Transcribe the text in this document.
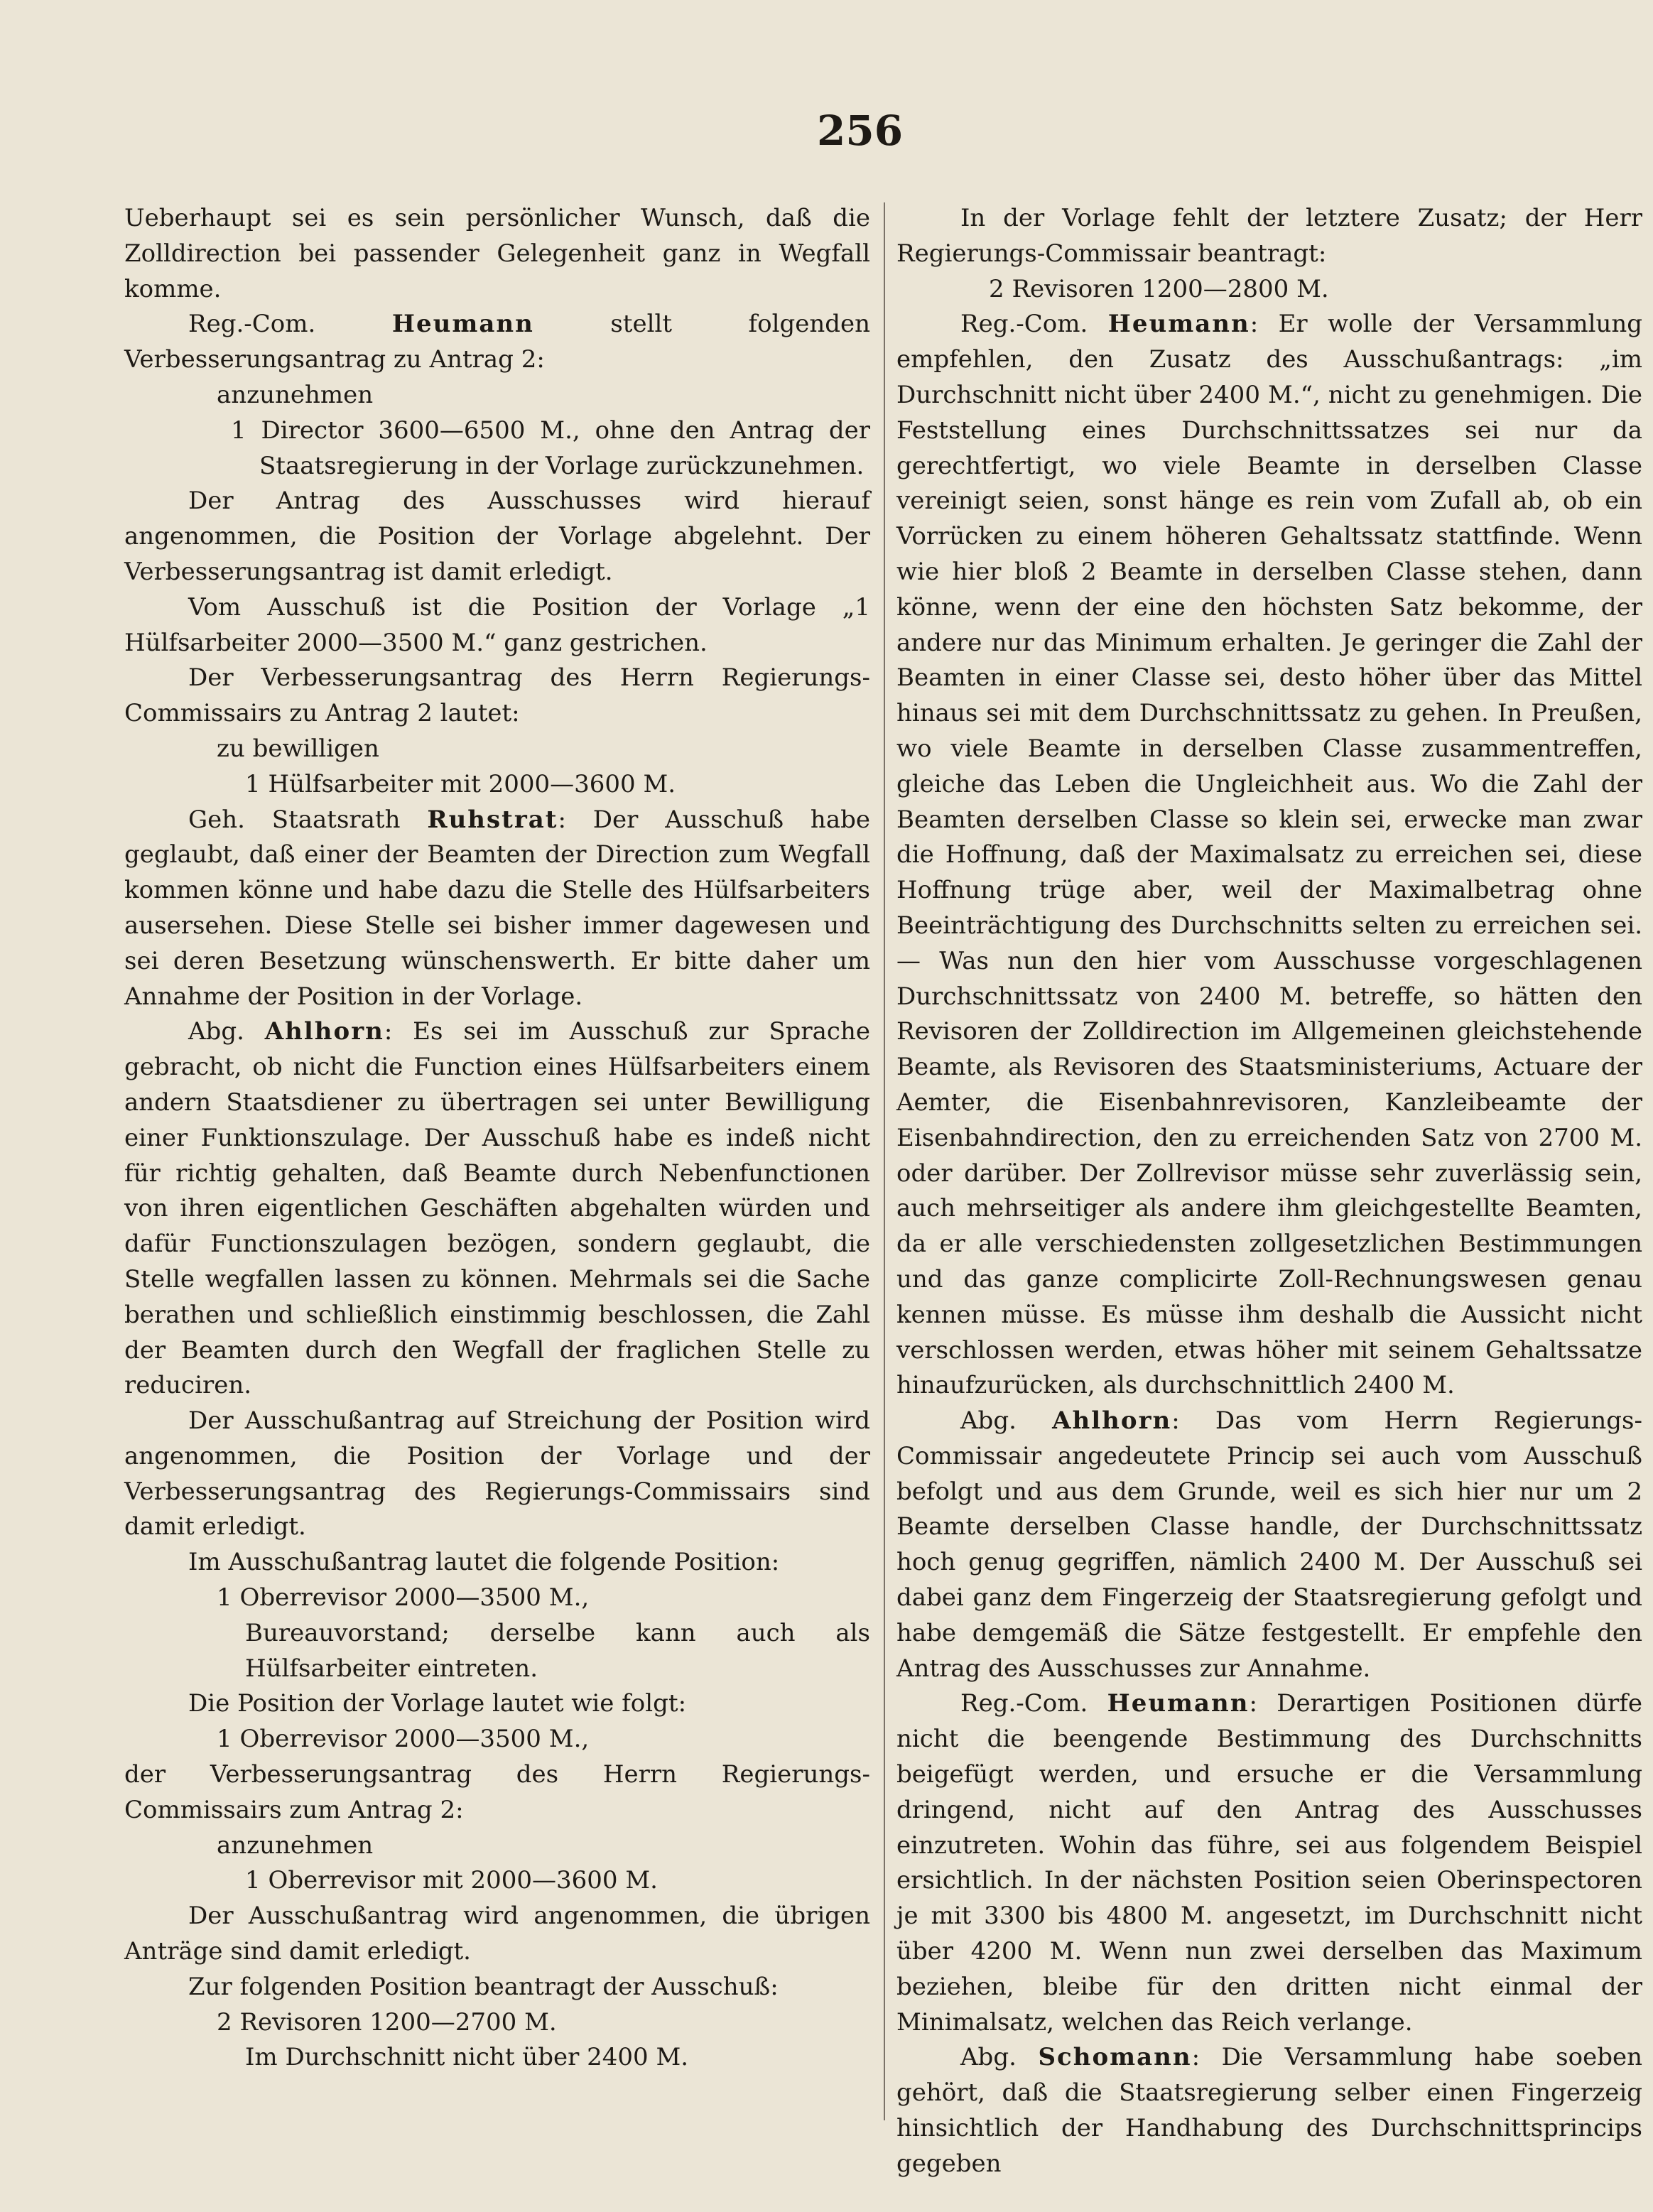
256

Ueberhaupt sei es sein persönlicher Wunsch, daß die Zolldirection bei passender Gelegenheit ganz in Wegfall komme.

Reg.-Com.	Heumann	stellt folgenden Verbesserungsantrag zu Antrag 2:

anzunehmen

1 Director 3600—6500 M., ohne den Antrag der Staatsregierung in der Vorlage zurückzunehmen.

Der Antrag des Ausschusses wird hierauf angenommen, die Position der Vorlage abgelehnt. Der Verbesserungsantrag ist damit erledigt.

Vom Ausschuß ist die Position der Vorlage „1 Hülfsarbeiter 2000—3500 M.“ ganz gestrichen.

Der Verbesserungsantrag des Herrn Regierungs-Commissairs zu Antrag 2 lautet:

zu bewilligen

1 Hülfsarbeiter mit 2000—3600 M.

Geh. Staatsrath Ruhstrat: Der Ausschuß habe geglaubt, daß einer der Beamten der Direction zum Wegfall kommen könne und habe dazu die Stelle des Hülfsarbeiters ausersehen. Diese Stelle sei bisher immer dagewesen und sei deren Besetzung wünschenswerth. Er bitte daher um Annahme der Position in der Vorlage.

Abg. Ahlhorn: Es sei im Ausschuß zur Sprache gebracht, ob nicht die Function eines Hülfsarbeiters einem andern Staatsdiener zu übertragen sei unter Bewilligung einer Funktionszulage. Der Ausschuß habe es indeß nicht für richtig gehalten, daß Beamte durch Nebenfunctionen von ihren eigentlichen Geschäften abgehalten würden und dafür Functionszulagen bezögen, sondern geglaubt, die Stelle wegfallen lassen zu können. Mehrmals sei die Sache berathen und schließlich einstimmig beschlossen, die Zahl der Beamten durch den Wegfall der fraglichen Stelle zu reduciren.

Der Ausschußantrag auf Streichung der Position wird angenommen, die Position der Vorlage und der Verbesserungsantrag des Regierungs-Commissairs sind damit erledigt.

Im Ausschußantrag lautet die folgende Position:

1 Oberrevisor 2000—3500 M.,

Bureauvorstand; derselbe kann auch als Hülfsarbeiter eintreten.

Die Position der Vorlage lautet wie folgt:

1 Oberrevisor 2000—3500 M.,

der Verbesserungsantrag des Herrn Regierungs-Commissairs zum Antrag 2:

anzunehmen

1 Oberrevisor mit 2000—3600 M.

Der Ausschußantrag wird angenommen, die übrigen Anträge sind damit erledigt.

Zur folgenden Position beantragt der Ausschuß:

2 Revisoren 1200—2700 M.

Im Durchschnitt nicht über 2400 M.

In der Vorlage fehlt der letztere Zusatz; der Herr Regierungs-Commissair beantragt:

2 Revisoren 1200—2800 M.

Reg.-Com. Heumann: Er wolle der Versammlung empfehlen, den Zusatz des Ausschußantrags: „im Durchschnitt nicht über 2400 M.“, nicht zu genehmigen. Die Feststellung eines Durchschnittssatzes sei nur da gerechtfertigt, wo viele Beamte in derselben Classe vereinigt seien, sonst hänge es rein vom Zufall ab, ob ein Vorrücken zu einem höheren Gehaltssatz stattfinde. Wenn wie hier bloß 2 Beamte in derselben Classe stehen, dann könne, wenn der eine den höchsten Satz bekomme, der andere nur das Minimum erhalten. Je geringer die Zahl der Beamten in einer Classe sei, desto höher über das Mittel hinaus sei mit dem Durchschnittssatz zu gehen. In Preußen, wo viele Beamte in derselben Classe zusammentreffen, gleiche das Leben die Ungleichheit aus. Wo die Zahl der Beamten derselben Classe so klein sei, erwecke man zwar die Hoffnung, daß der Maximalsatz zu erreichen sei, diese Hoffnung trüge aber, weil der Maximalbetrag ohne Beeinträchtigung des Durchschnitts selten zu erreichen sei. — Was nun den hier vom Ausschusse vorgeschlagenen Durchschnittssatz von 2400 M. betreffe, so hätten den Revisoren der Zolldirection im Allgemeinen gleichstehende Beamte, als Revisoren des Staatsministeriums, Actuare der Aemter, die Eisenbahnrevisoren, Kanzleibeamte der Eisenbahndirection, den zu erreichenden Satz von 2700 M. oder darüber. Der Zollrevisor müsse sehr zuverlässig sein, auch mehrseitiger als andere ihm gleichgestellte Beamten, da er alle verschiedensten zollgesetzlichen Bestimmungen und das ganze complicirte Zoll-Rechnungswesen genau kennen müsse. Es müsse ihm deshalb die Aussicht nicht verschlossen werden, etwas höher mit seinem Gehaltssatze hinaufzurücken, als durchschnittlich 2400 M.

Abg. Ahlhorn: Das vom Herrn Regierungs-Commissair angedeutete Princip sei auch vom Ausschuß befolgt und aus dem Grunde, weil es sich hier nur um 2 Beamte derselben Classe handle, der Durchschnittssatz hoch genug gegriffen, nämlich 2400 M. Der Ausschuß sei dabei ganz dem Fingerzeig der Staatsregierung gefolgt und habe demgemäß die Sätze festgestellt. Er empfehle den Antrag des Ausschusses zur Annahme.

Reg.-Com. Heumann: Derartigen Positionen dürfe nicht die beengende Bestimmung des Durchschnitts beigefügt werden, und ersuche er die Versammlung dringend, nicht auf den Antrag des Ausschusses einzutreten. Wohin das führe, sei aus folgendem Beispiel ersichtlich. In der nächsten Position seien Oberinspectoren je mit 3300 bis 4800 M. angesetzt, im Durchschnitt nicht über 4200 M. Wenn nun zwei derselben das Maximum beziehen, bleibe für den dritten nicht einmal der Minimalsatz, welchen das Reich verlange.

Abg. Schomann: Die Versammlung habe soeben gehört, daß die Staatsregierung selber einen Fingerzeig hinsichtlich der Handhabung des Durchschnittsprincips gegeben
